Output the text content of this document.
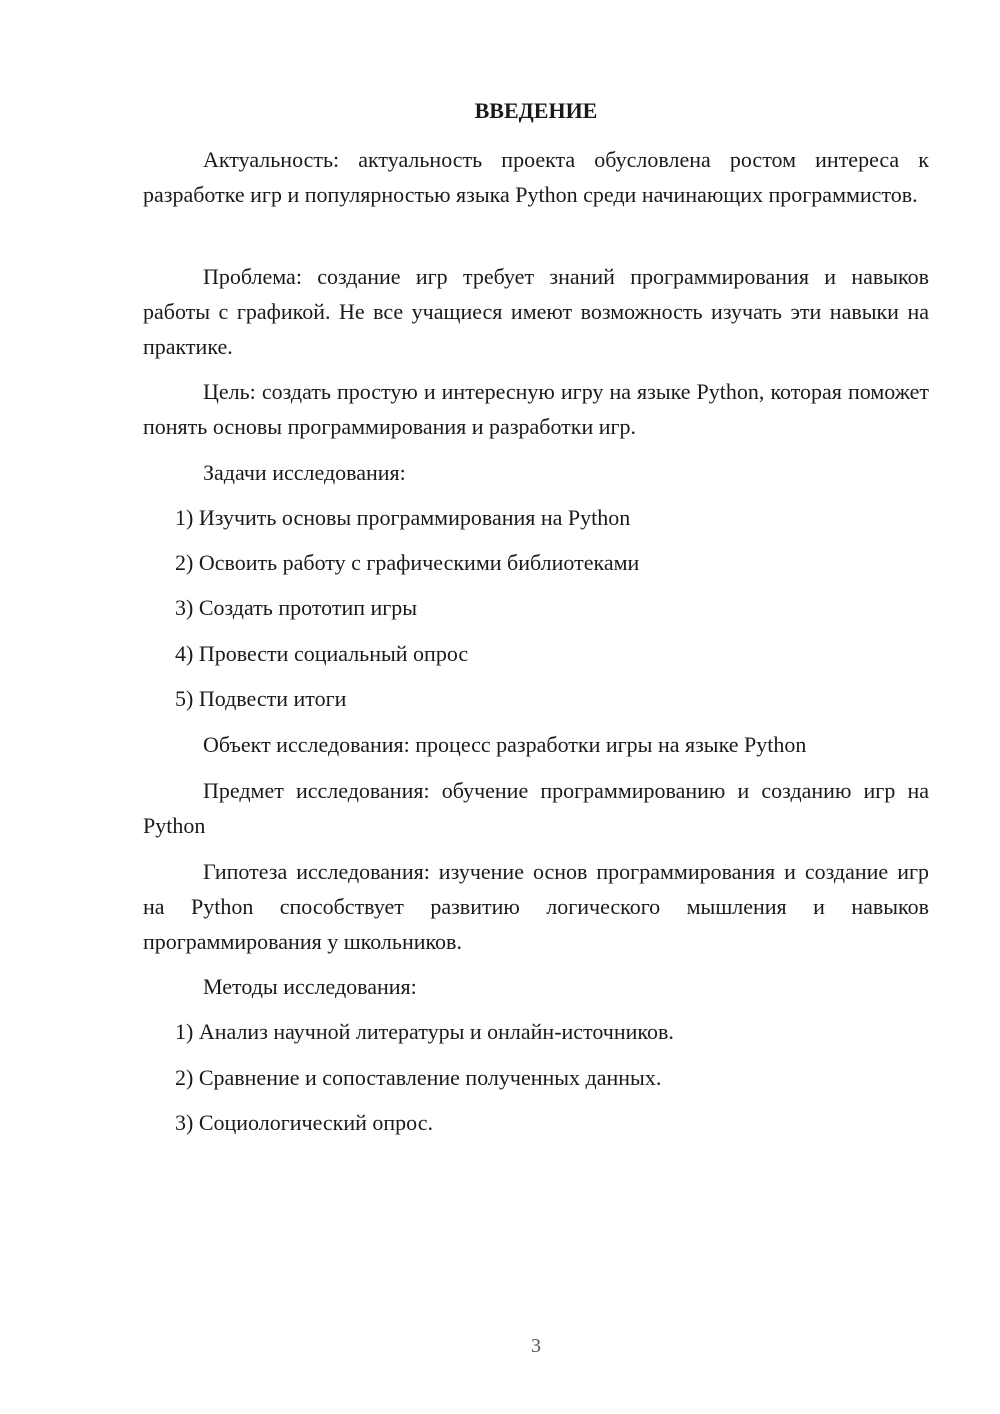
ВВЕДЕНИЕ

Актуальность: актуальность проекта обусловлена ростом интереса к разработке игр и популярностью языка Python среди начинающих программистов.

Проблема: создание игр требует знаний программирования и навыков работы с графикой. Не все учащиеся имеют возможность изучать эти навыки на практике.

Цель: создать простую и интересную игру на языке Python, которая поможет понять основы программирования и разработки игр.

Задачи исследования:

1) Изучить основы программирования на Python

2) Освоить работу с графическими библиотеками

3) Создать прототип игры

4) Провести социальный опрос

5) Подвести итоги

Объект исследования: процесс разработки игры на языке Python

Предмет исследования: обучение программированию и созданию игр на Python

Гипотеза исследования: изучение основ программирования и создание игр на Python способствует развитию логического мышления и навыков программирования у школьников.

Методы исследования:

1) Анализ научной литературы и онлайн-источников.

2) Сравнение и сопоставление полученных данных.

3) Социологический опрос.

3
